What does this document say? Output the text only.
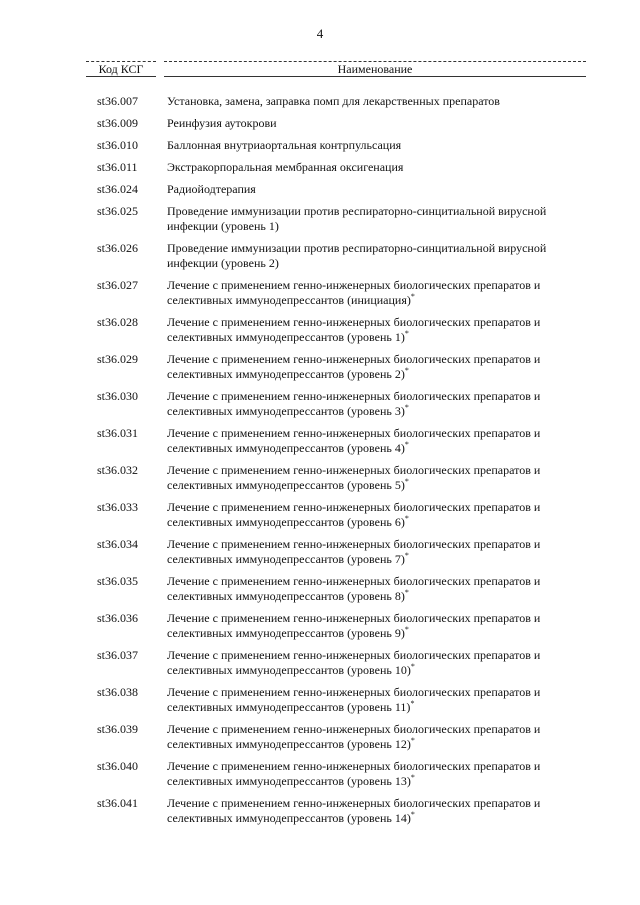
4
Код КСГ	Наименование
st36.007	Установка, замена, заправка помп для лекарственных препаратов
st36.009	Реинфузия аутокрови
st36.010	Баллонная внутриаортальная контрпульсация
st36.011	Экстракорпоральная мембранная оксигенация
st36.024	Радиойодтерапия
st36.025	Проведение иммунизации против респираторно-синцитиальной вирусной инфекции (уровень 1)
st36.026	Проведение иммунизации против респираторно-синцитиальной вирусной инфекции (уровень 2)
st36.027	Лечение с применением генно-инженерных биологических препаратов и селективных иммунодепрессантов (инициация)*
st36.028	Лечение с применением генно-инженерных биологических препаратов и селективных иммунодепрессантов (уровень 1)*
st36.029	Лечение с применением генно-инженерных биологических препаратов и селективных иммунодепрессантов (уровень 2)*
st36.030	Лечение с применением генно-инженерных биологических препаратов и селективных иммунодепрессантов (уровень 3)*
st36.031	Лечение с применением генно-инженерных биологических препаратов и селективных иммунодепрессантов (уровень 4)*
st36.032	Лечение с применением генно-инженерных биологических препаратов и селективных иммунодепрессантов (уровень 5)*
st36.033	Лечение с применением генно-инженерных биологических препаратов и селективных иммунодепрессантов (уровень 6)*
st36.034	Лечение с применением генно-инженерных биологических препаратов и селективных иммунодепрессантов (уровень 7)*
st36.035	Лечение с применением генно-инженерных биологических препаратов и селективных иммунодепрессантов (уровень 8)*
st36.036	Лечение с применением генно-инженерных биологических препаратов и селективных иммунодепрессантов (уровень 9)*
st36.037	Лечение с применением генно-инженерных биологических препаратов и селективных иммунодепрессантов (уровень 10)*
st36.038	Лечение с применением генно-инженерных биологических препаратов и селективных иммунодепрессантов (уровень 11)*
st36.039	Лечение с применением генно-инженерных биологических препаратов и селективных иммунодепрессантов (уровень 12)*
st36.040	Лечение с применением генно-инженерных биологических препаратов и селективных иммунодепрессантов (уровень 13)*
st36.041	Лечение с применением генно-инженерных биологических препаратов и селективных иммунодепрессантов (уровень 14)*
